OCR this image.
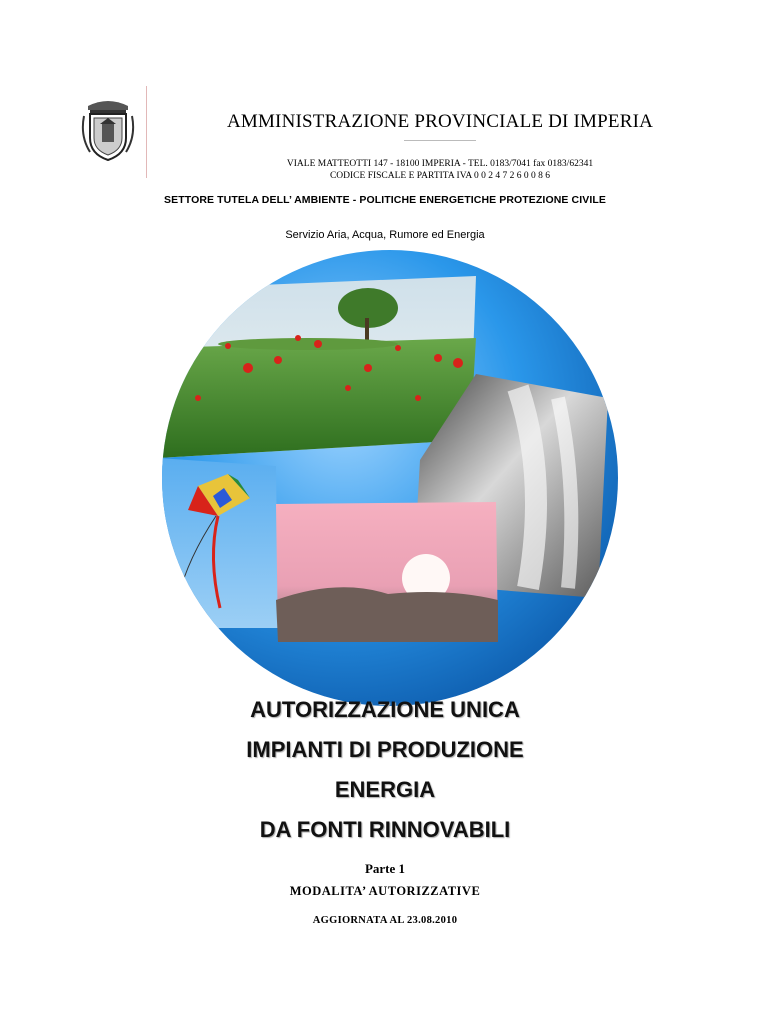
AMMINISTRAZIONE PROVINCIALE DI IMPERIA
VIALE MATTEOTTI 147 - 18100 IMPERIA - TEL. 0183/7041 fax 0183/62341
CODICE FISCALE E PARTITA IVA 0 0 2 4 7 2 6 0 0 8 6
SETTORE TUTELA DELL’ AMBIENTE - POLITICHE ENERGETICHE PROTEZIONE CIVILE
Servizio Aria, Acqua, Rumore ed Energia
AUTORIZZAZIONE UNICA
IMPIANTI DI PRODUZIONE
ENERGIA
DA FONTI RINNOVABILI
Parte 1
MODALITA’ AUTORIZZATIVE
AGGIORNATA AL 23.08.2010
